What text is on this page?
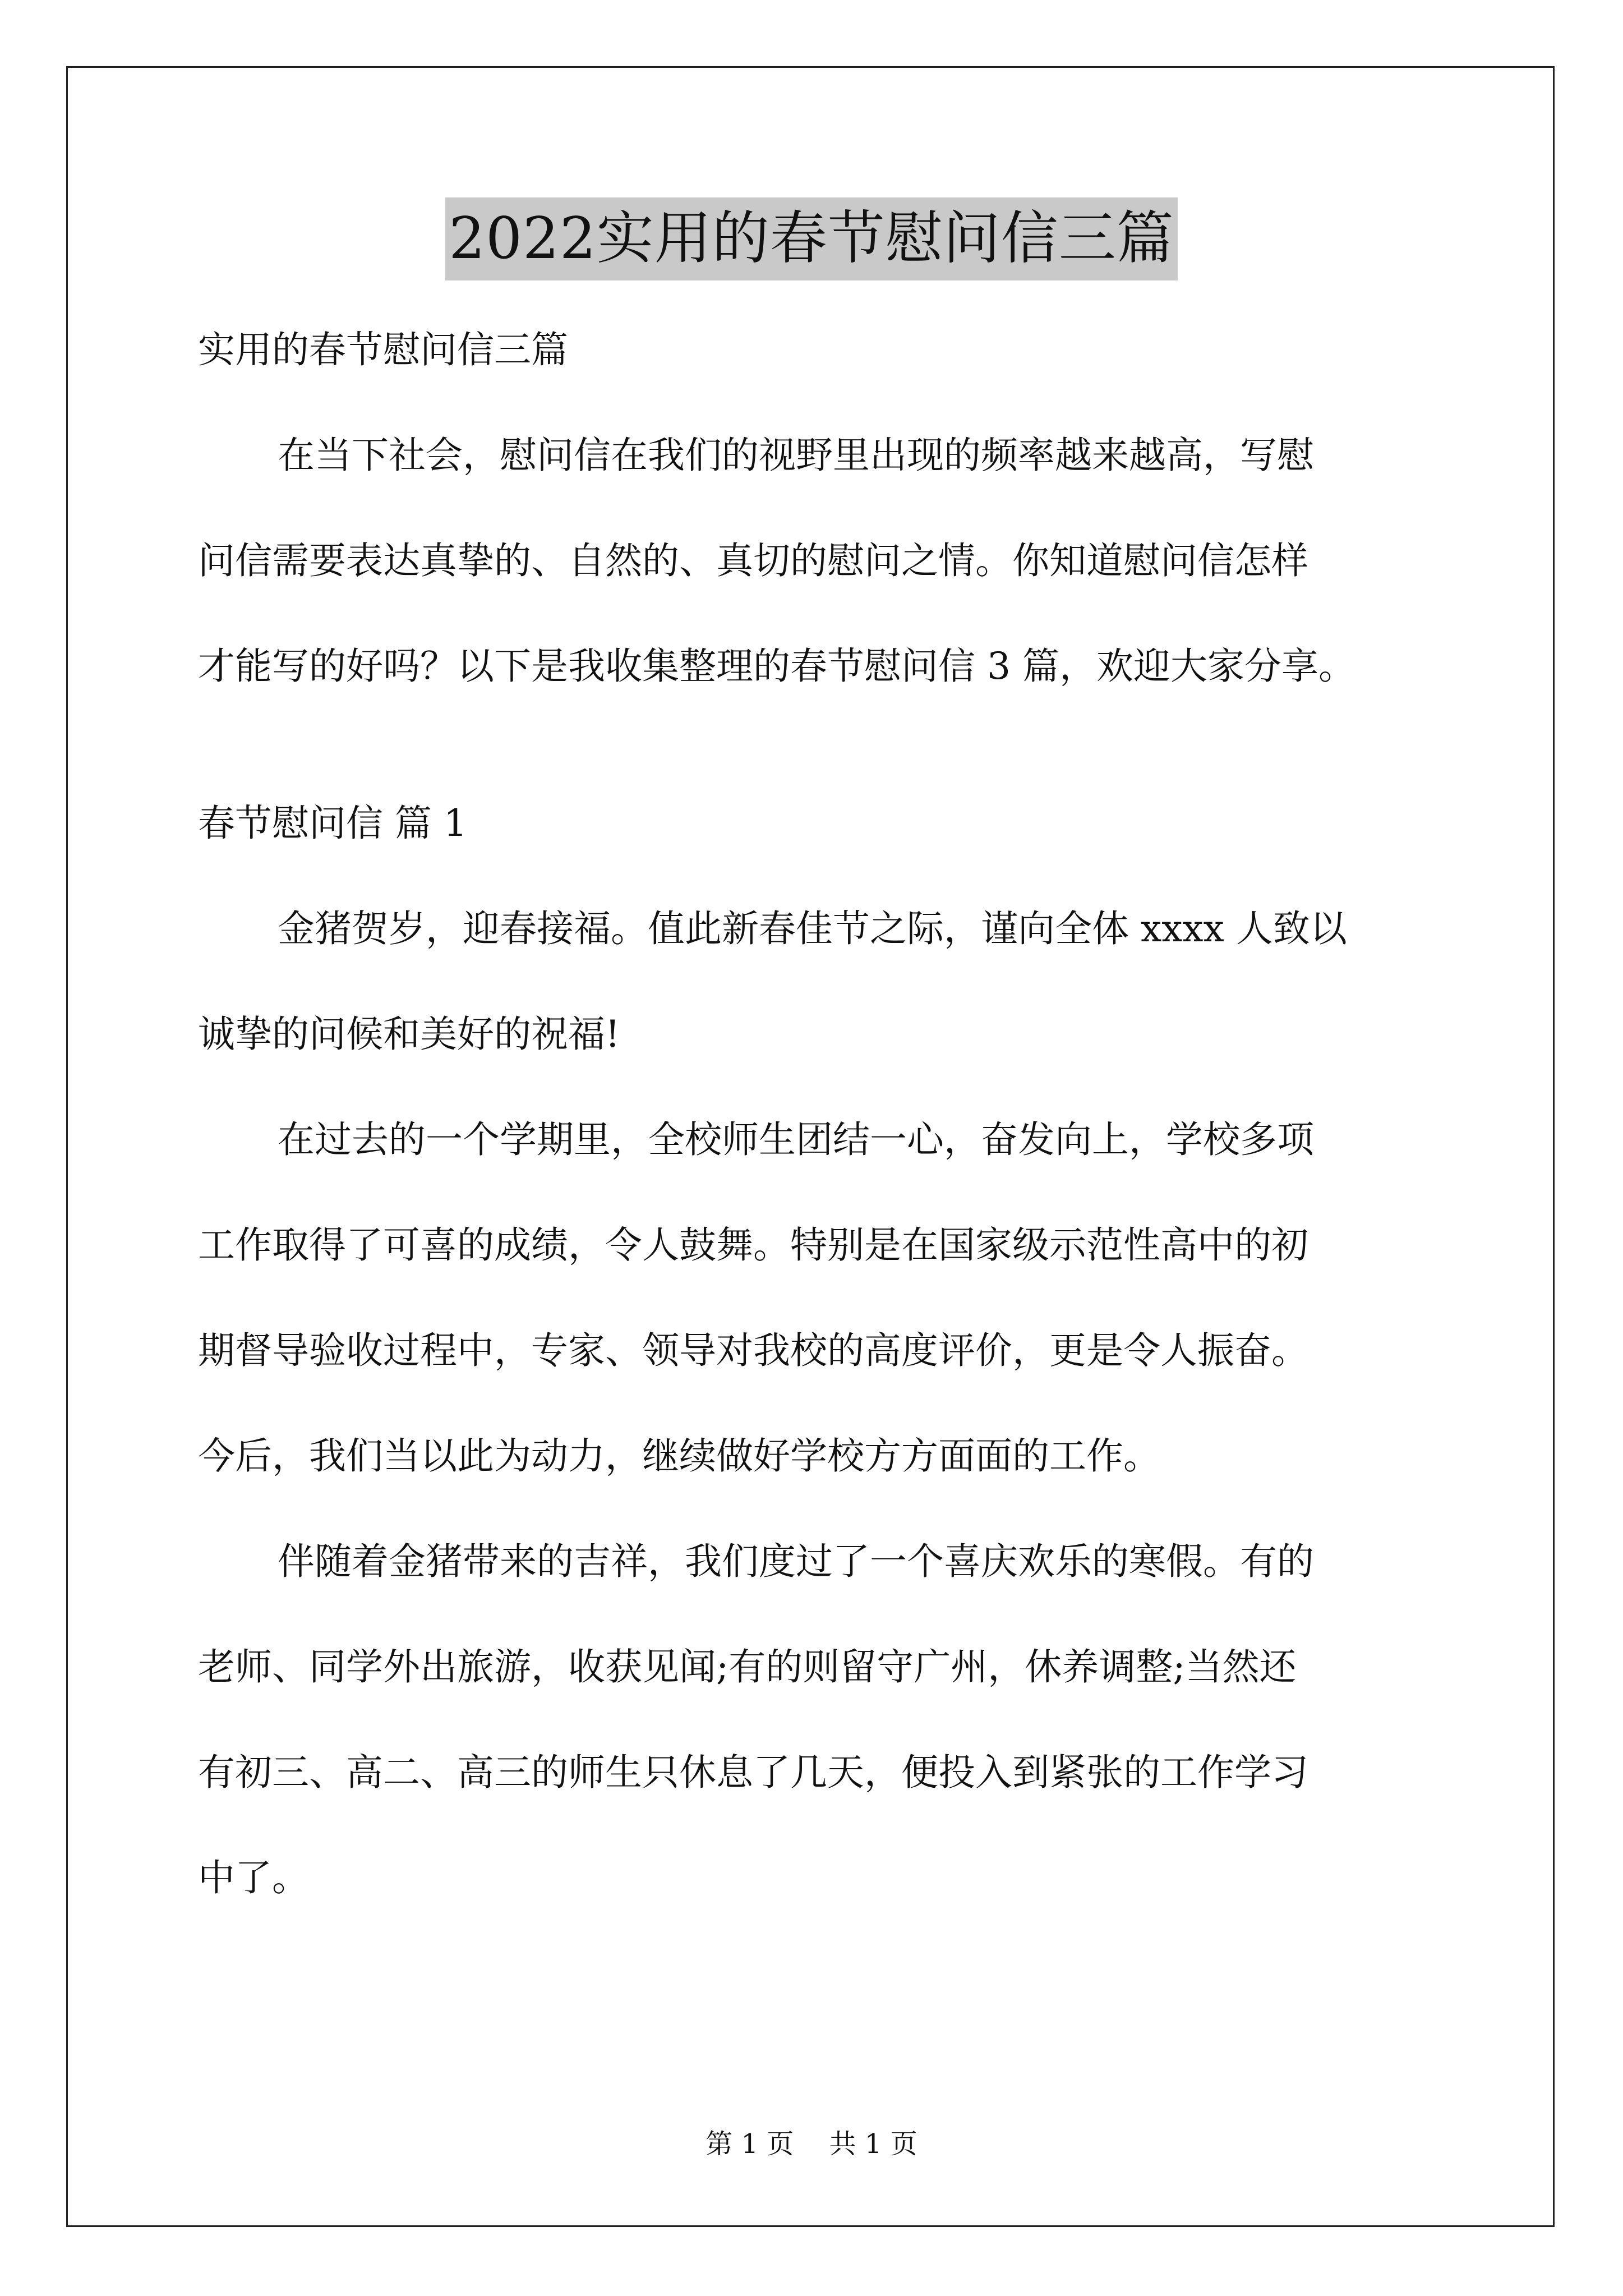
2022实用的春节慰问信三篇

实用的春节慰问信三篇

在当下社会，慰问信在我们的视野里出现的频率越来越高，写慰

问信需要表达真挚的、自然的、真切的慰问之情。你知道慰问信怎样

才能写的好吗？以下是我收集整理的春节慰问信 3 篇，欢迎大家分享。

春节慰问信 篇 1

金猪贺岁，迎春接福。值此新春佳节之际，谨向全体 xxxx 人致以

诚挚的问候和美好的祝福!

在过去的一个学期里，全校师生团结一心，奋发向上，学校多项

工作取得了可喜的成绩，令人鼓舞。特别是在国家级示范性高中的初

期督导验收过程中，专家、领导对我校的高度评价，更是令人振奋。

今后，我们当以此为动力，继续做好学校方方面面的工作。

伴随着金猪带来的吉祥，我们度过了一个喜庆欢乐的寒假。有的

老师、同学外出旅游，收获见闻;有的则留守广州，休养调整;当然还

有初三、高二、高三的师生只休息了几天，便投入到紧张的工作学习

中了。

第 1 页 共 1 页
